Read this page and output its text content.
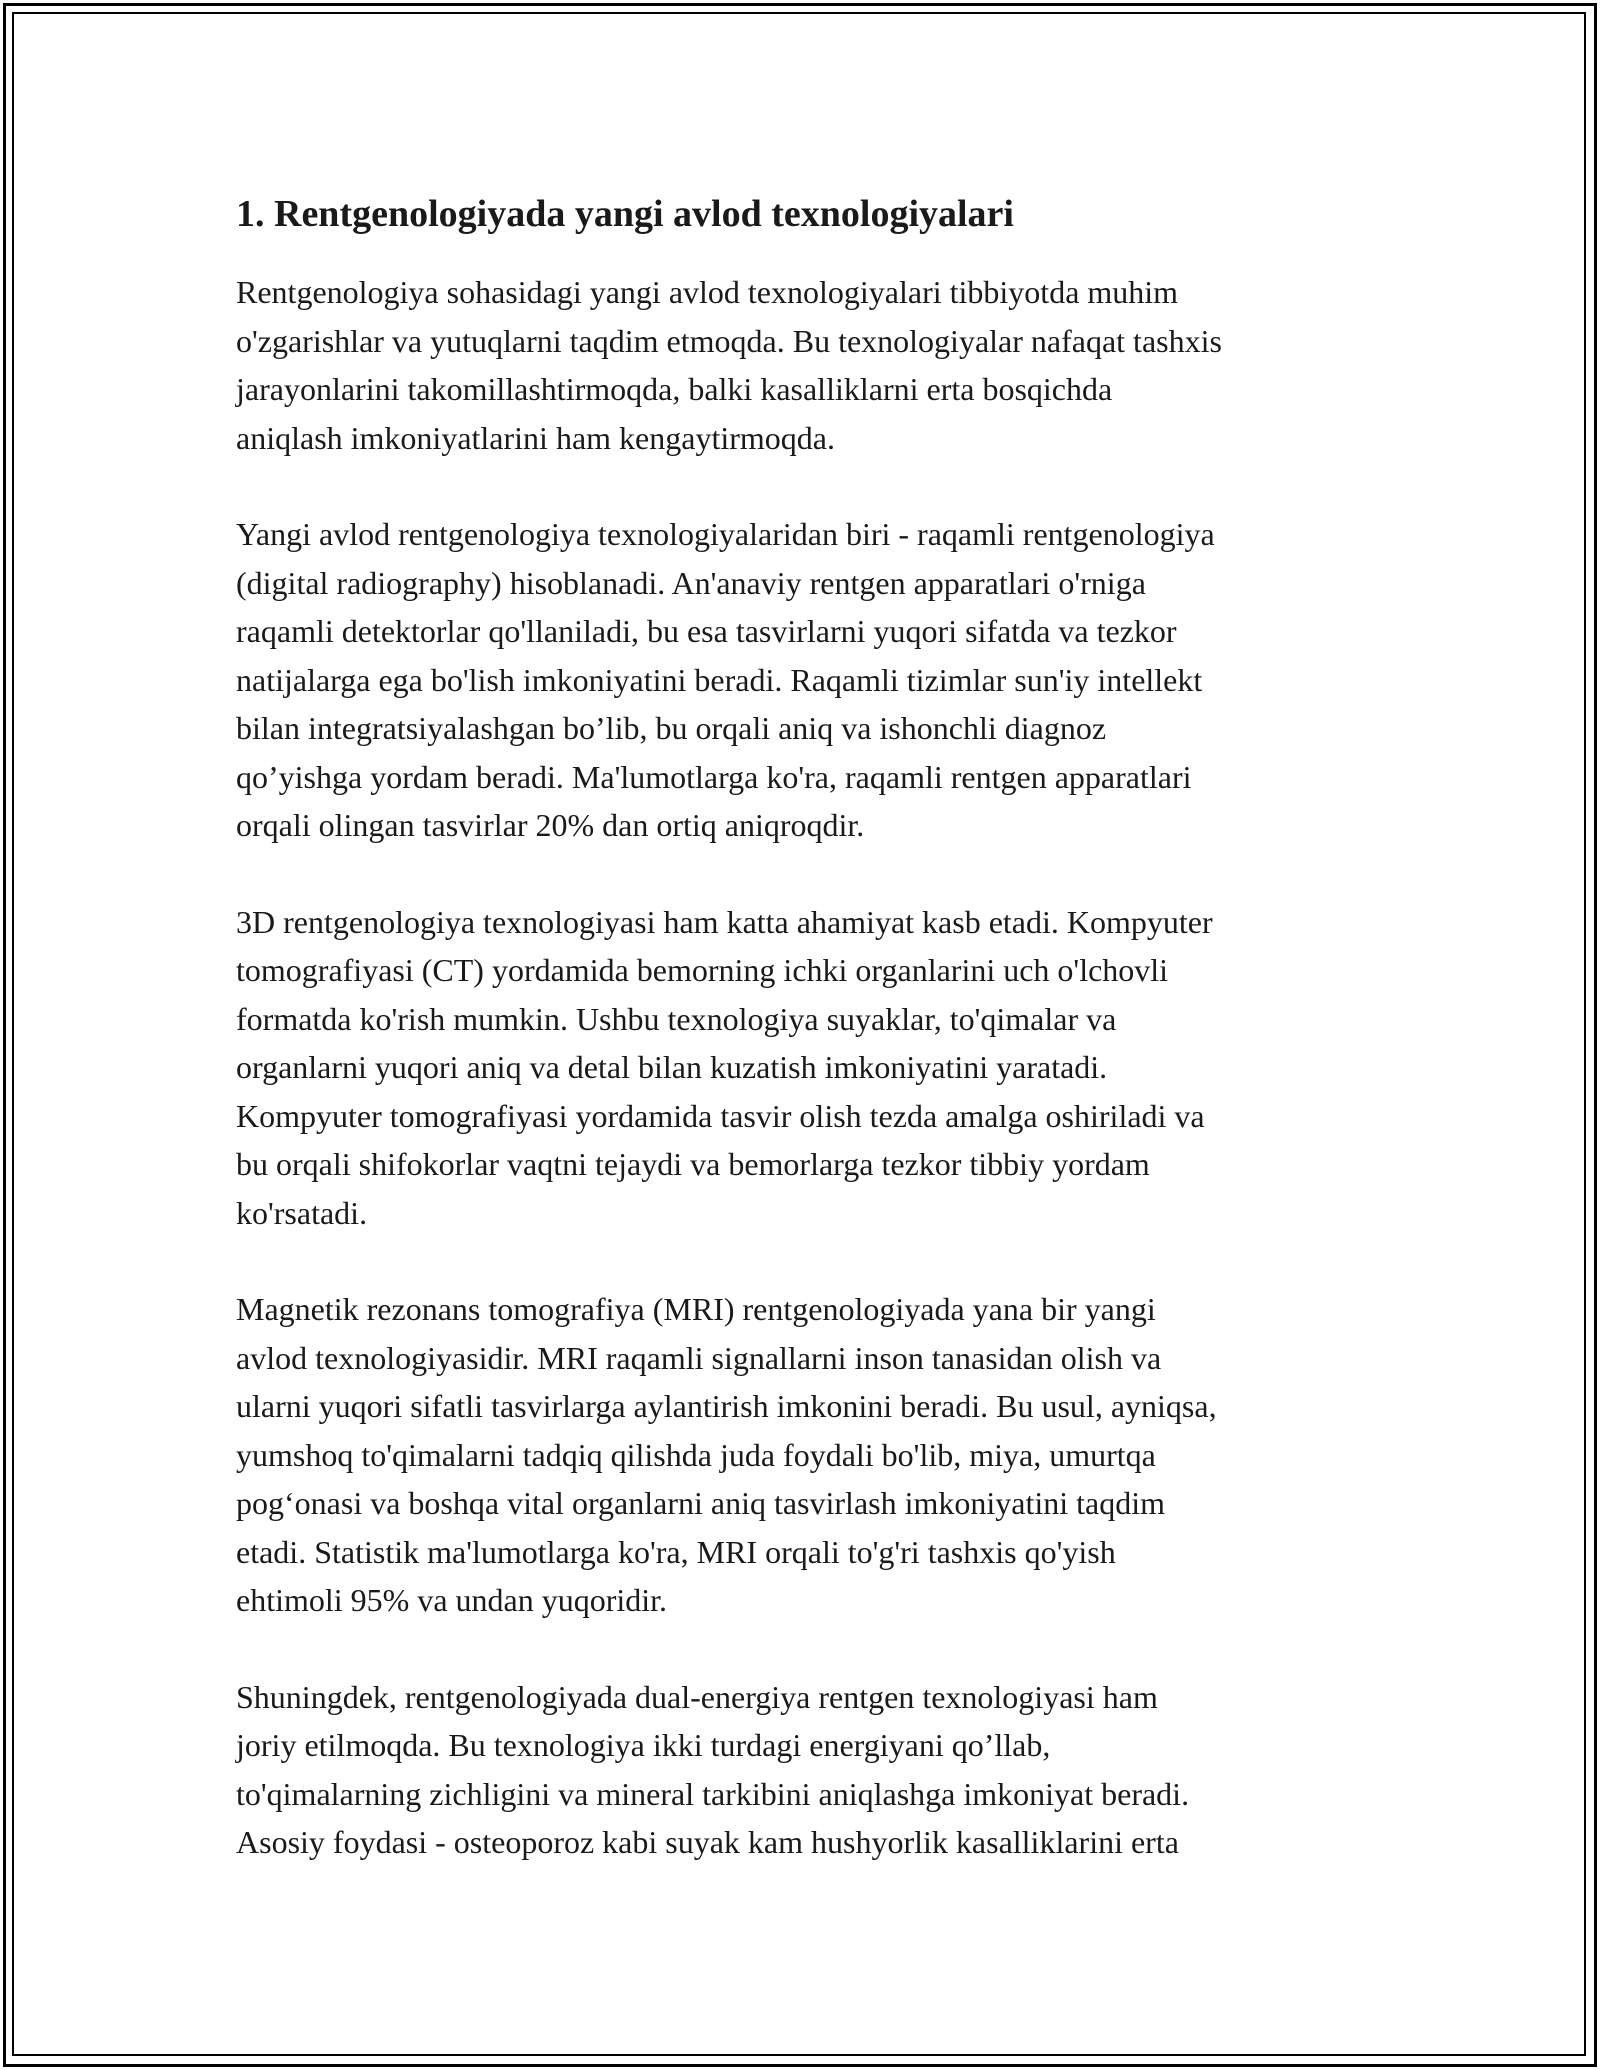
1. Rentgenologiyada yangi avlod texnologiyalari
Rentgenologiya sohasidagi yangi avlod texnologiyalari tibbiyotda muhim
o'zgarishlar va yutuqlarni taqdim etmoqda. Bu texnologiyalar nafaqat tashxis
jarayonlarini takomillashtirmoqda, balki kasalliklarni erta bosqichda
aniqlash imkoniyatlarini ham kengaytirmoqda.
Yangi avlod rentgenologiya texnologiyalaridan biri - raqamli rentgenologiya
(digital radiography) hisoblanadi. An'anaviy rentgen apparatlari o'rniga
raqamli detektorlar qo'llaniladi, bu esa tasvirlarni yuqori sifatda va tezkor
natijalarga ega bo'lish imkoniyatini beradi. Raqamli tizimlar sun'iy intellekt
bilan integratsiyalashgan bo’lib, bu orqali aniq va ishonchli diagnoz
qo’yishga yordam beradi. Ma'lumotlarga ko'ra, raqamli rentgen apparatlari
orqali olingan tasvirlar 20% dan ortiq aniqroqdir.
3D rentgenologiya texnologiyasi ham katta ahamiyat kasb etadi. Kompyuter
tomografiyasi (CT) yordamida bemorning ichki organlarini uch o'lchovli
formatda ko'rish mumkin. Ushbu texnologiya suyaklar, to'qimalar va
organlarni yuqori aniq va detal bilan kuzatish imkoniyatini yaratadi.
Kompyuter tomografiyasi yordamida tasvir olish tezda amalga oshiriladi va
bu orqali shifokorlar vaqtni tejaydi va bemorlarga tezkor tibbiy yordam
ko'rsatadi.
Magnetik rezonans tomografiya (MRI) rentgenologiyada yana bir yangi
avlod texnologiyasidir. MRI raqamli signallarni inson tanasidan olish va
ularni yuqori sifatli tasvirlarga aylantirish imkonini beradi. Bu usul, ayniqsa,
yumshoq to'qimalarni tadqiq qilishda juda foydali bo'lib, miya, umurtqa
pog‘onasi va boshqa vital organlarni aniq tasvirlash imkoniyatini taqdim
etadi. Statistik ma'lumotlarga ko'ra, MRI orqali to'g'ri tashxis qo'yish
ehtimoli 95% va undan yuqoridir.
Shuningdek, rentgenologiyada dual-energiya rentgen texnologiyasi ham
joriy etilmoqda. Bu texnologiya ikki turdagi energiyani qo’llab,
to'qimalarning zichligini va mineral tarkibini aniqlashga imkoniyat beradi.
Asosiy foydasi - osteoporoz kabi suyak kam hushyorlik kasalliklarini erta
